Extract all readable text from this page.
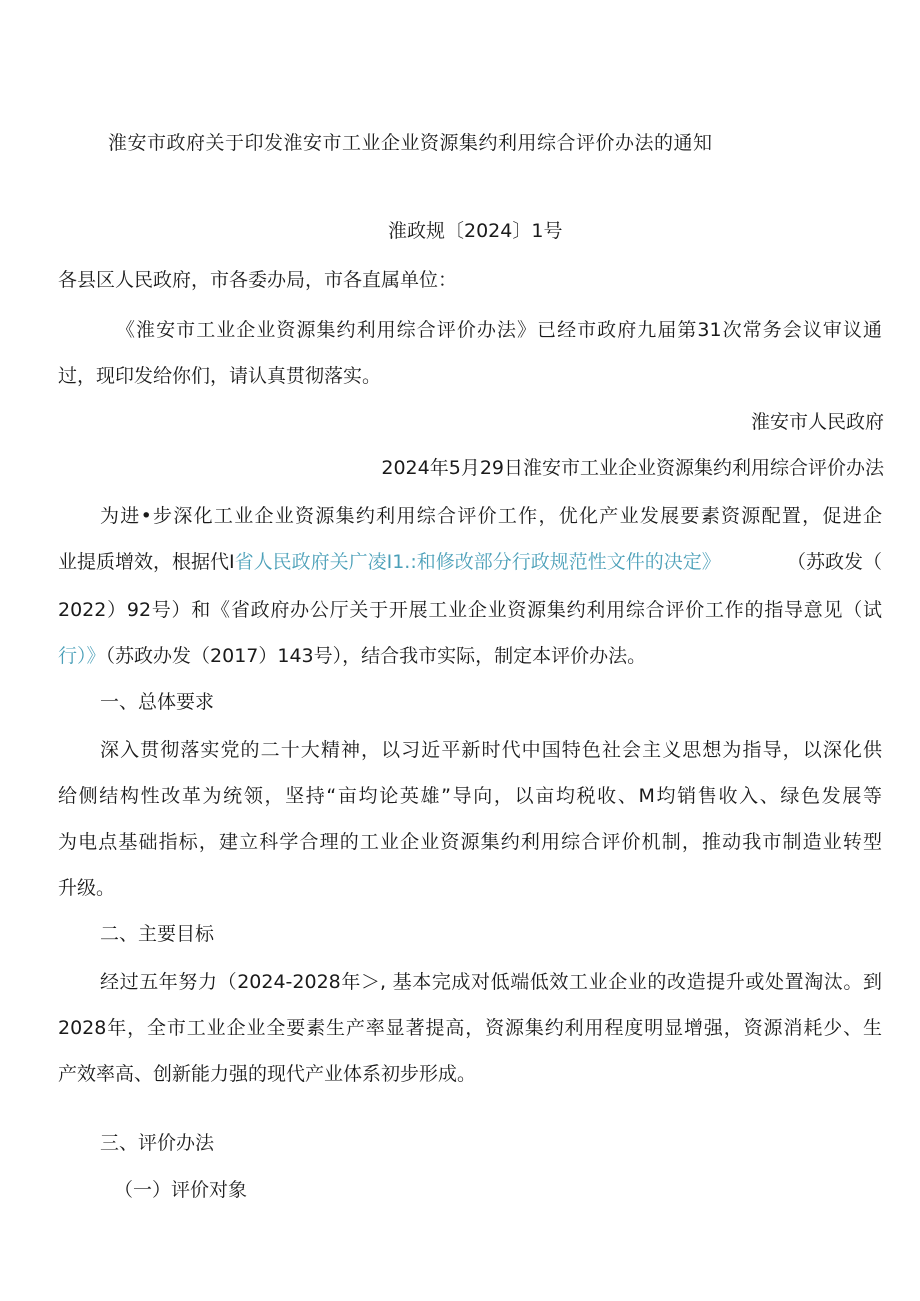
淮安市政府关于印发淮安市工业企业资源集约利用综合评价办法的通知
淮政规〔2024〕1号
各县区人民政府，市各委办局，市各直属单位：
《淮安市工业企业资源集约利用综合评价办法》已经市政府九届第31次常务会议审议通
过，现印发给你们，请认真贯彻落实。
淮安市人民政府
2024年5月29日淮安市工业企业资源集约利用综合评价办法
为进•步深化工业企业资源集约利用综合评价工作，优化产业发展要素资源配置，促进企
业提质增效，根据代I省人民政府关广凌I1.:和修改部分行政规范性文件的决定》	（苏政发（
2022）92号）和《省政府办公厅关于开展工业企业资源集约利用综合评价工作的指导意见（试
行）》（苏政办发（2017）143号），结合我市实际，制定本评价办法。
一、总体要求
深入贯彻落实党的二十大精神，以习近平新时代中国特色社会主义思想为指导，以深化供
给侧结构性改革为统领，坚持“亩均论英雄”导向，以亩均税收、M均销售收入、绿色发展等
为电点基础指标，建立科学合理的工业企业资源集约利用综合评价机制，推动我市制造业转型
升级。
二、主要目标
经过五年努力（2024-2028年＞, 基本完成对低端低效工业企业的改造提升或处置淘汰。到
2028年，全市工业企业全要素生产率显著提高，资源集约利用程度明显增强，资源消耗少、生
产效率高、创新能力强的现代产业体系初步形成。
三、评价办法
（一）评价对象
